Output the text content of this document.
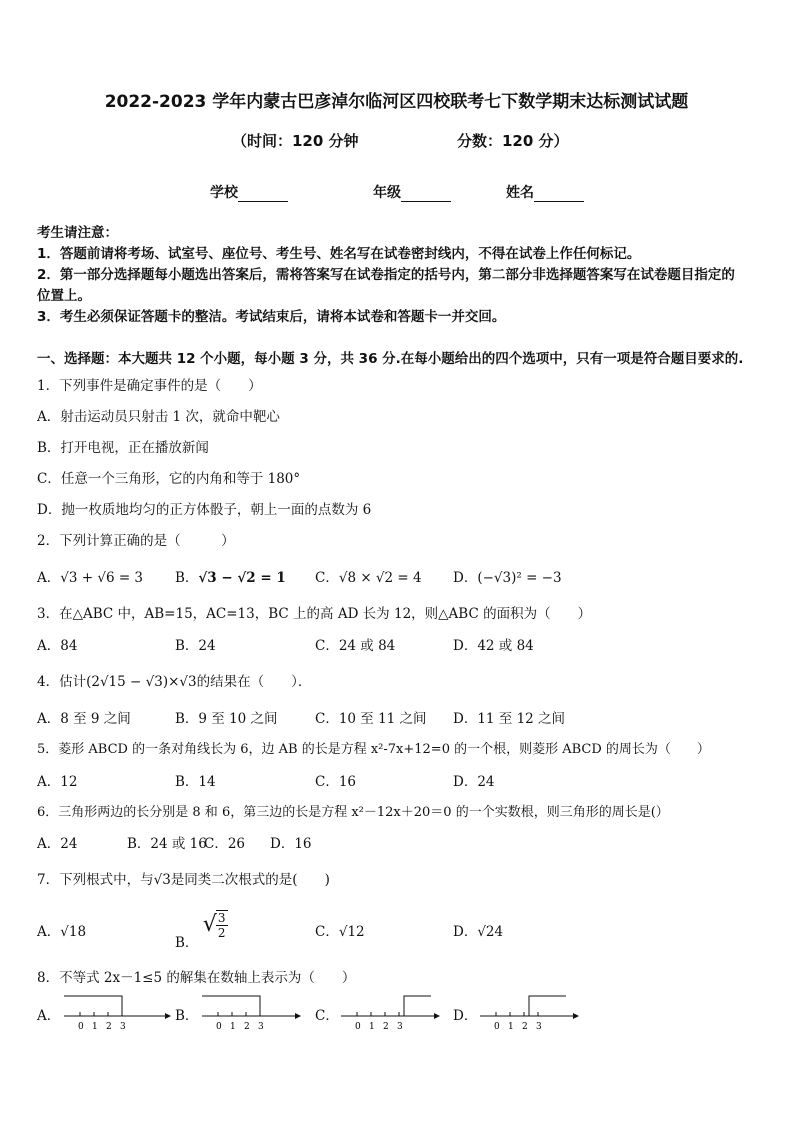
2022-2023 学年内蒙古巴彦淖尔临河区四校联考七下数学期末达标测试试题
（时间：120 分钟	分数：120 分）
学校	年级	姓名
考生请注意：
1．答题前请将考场、试室号、座位号、考生号、姓名写在试卷密封线内，不得在试卷上作任何标记。
2．第一部分选择题每小题选出答案后，需将答案写在试卷指定的括号内，第二部分非选择题答案写在试卷题目指定的
位置上。
3．考生必须保证答题卡的整洁。考试结束后，请将本试卷和答题卡一并交回。
一、选择题：本大题共 12 个小题，每小题 3 分，共 36 分.在每小题给出的四个选项中，只有一项是符合题目要求的.
1．下列事件是确定事件的是（　　）
A．射击运动员只射击 1 次，就命中靶心
B．打开电视，正在播放新闻
C．任意一个三角形，它的内角和等于 180°
D．抛一枚质地均匀的正方体骰子，朝上一面的点数为 6
2．下列计算正确的是（　　　）
A．√3 + √6 = 3 B．√3 − √2 = 1 C．√8 × √2 = 4 D．(−√3)² = −3
3．在△ABC 中，AB=15，AC=13，BC 上的高 AD 长为 12，则△ABC 的面积为（　　）
A．84	B．24	C．24 或 84	D．42 或 84
4．估计(2√15 − √3)×√3的结果在（　　）．
A．8 至 9 之间	B．9 至 10 之间	C．10 至 11 之间 D．11 至 12 之间
5．菱形 ABCD 的一条对角线长为 6，边 AB 的长是方程 x²-7x+12=0 的一个根，则菱形 ABCD 的周长为（　　）
A．12	B．14	C．16	D．24
6．三角形两边的长分别是 8 和 6，第三边的长是方程 x²－12x＋20＝0 的一个实数根，则三角形的周长是(）
A．24	B．24 或 16
C．26 D．16
7．下列根式中，与√3是同类二次根式的是(　　)
A．√18
B．
√
$\frac{3}{2}$	C．√12	D．√24
8．不等式 2x－1≤5 的解集在数轴上表示为（　　）
A．	B．	C．	D．
0 1 2 3	0 1 2 3	0 1 2 3	0 1 2 3
